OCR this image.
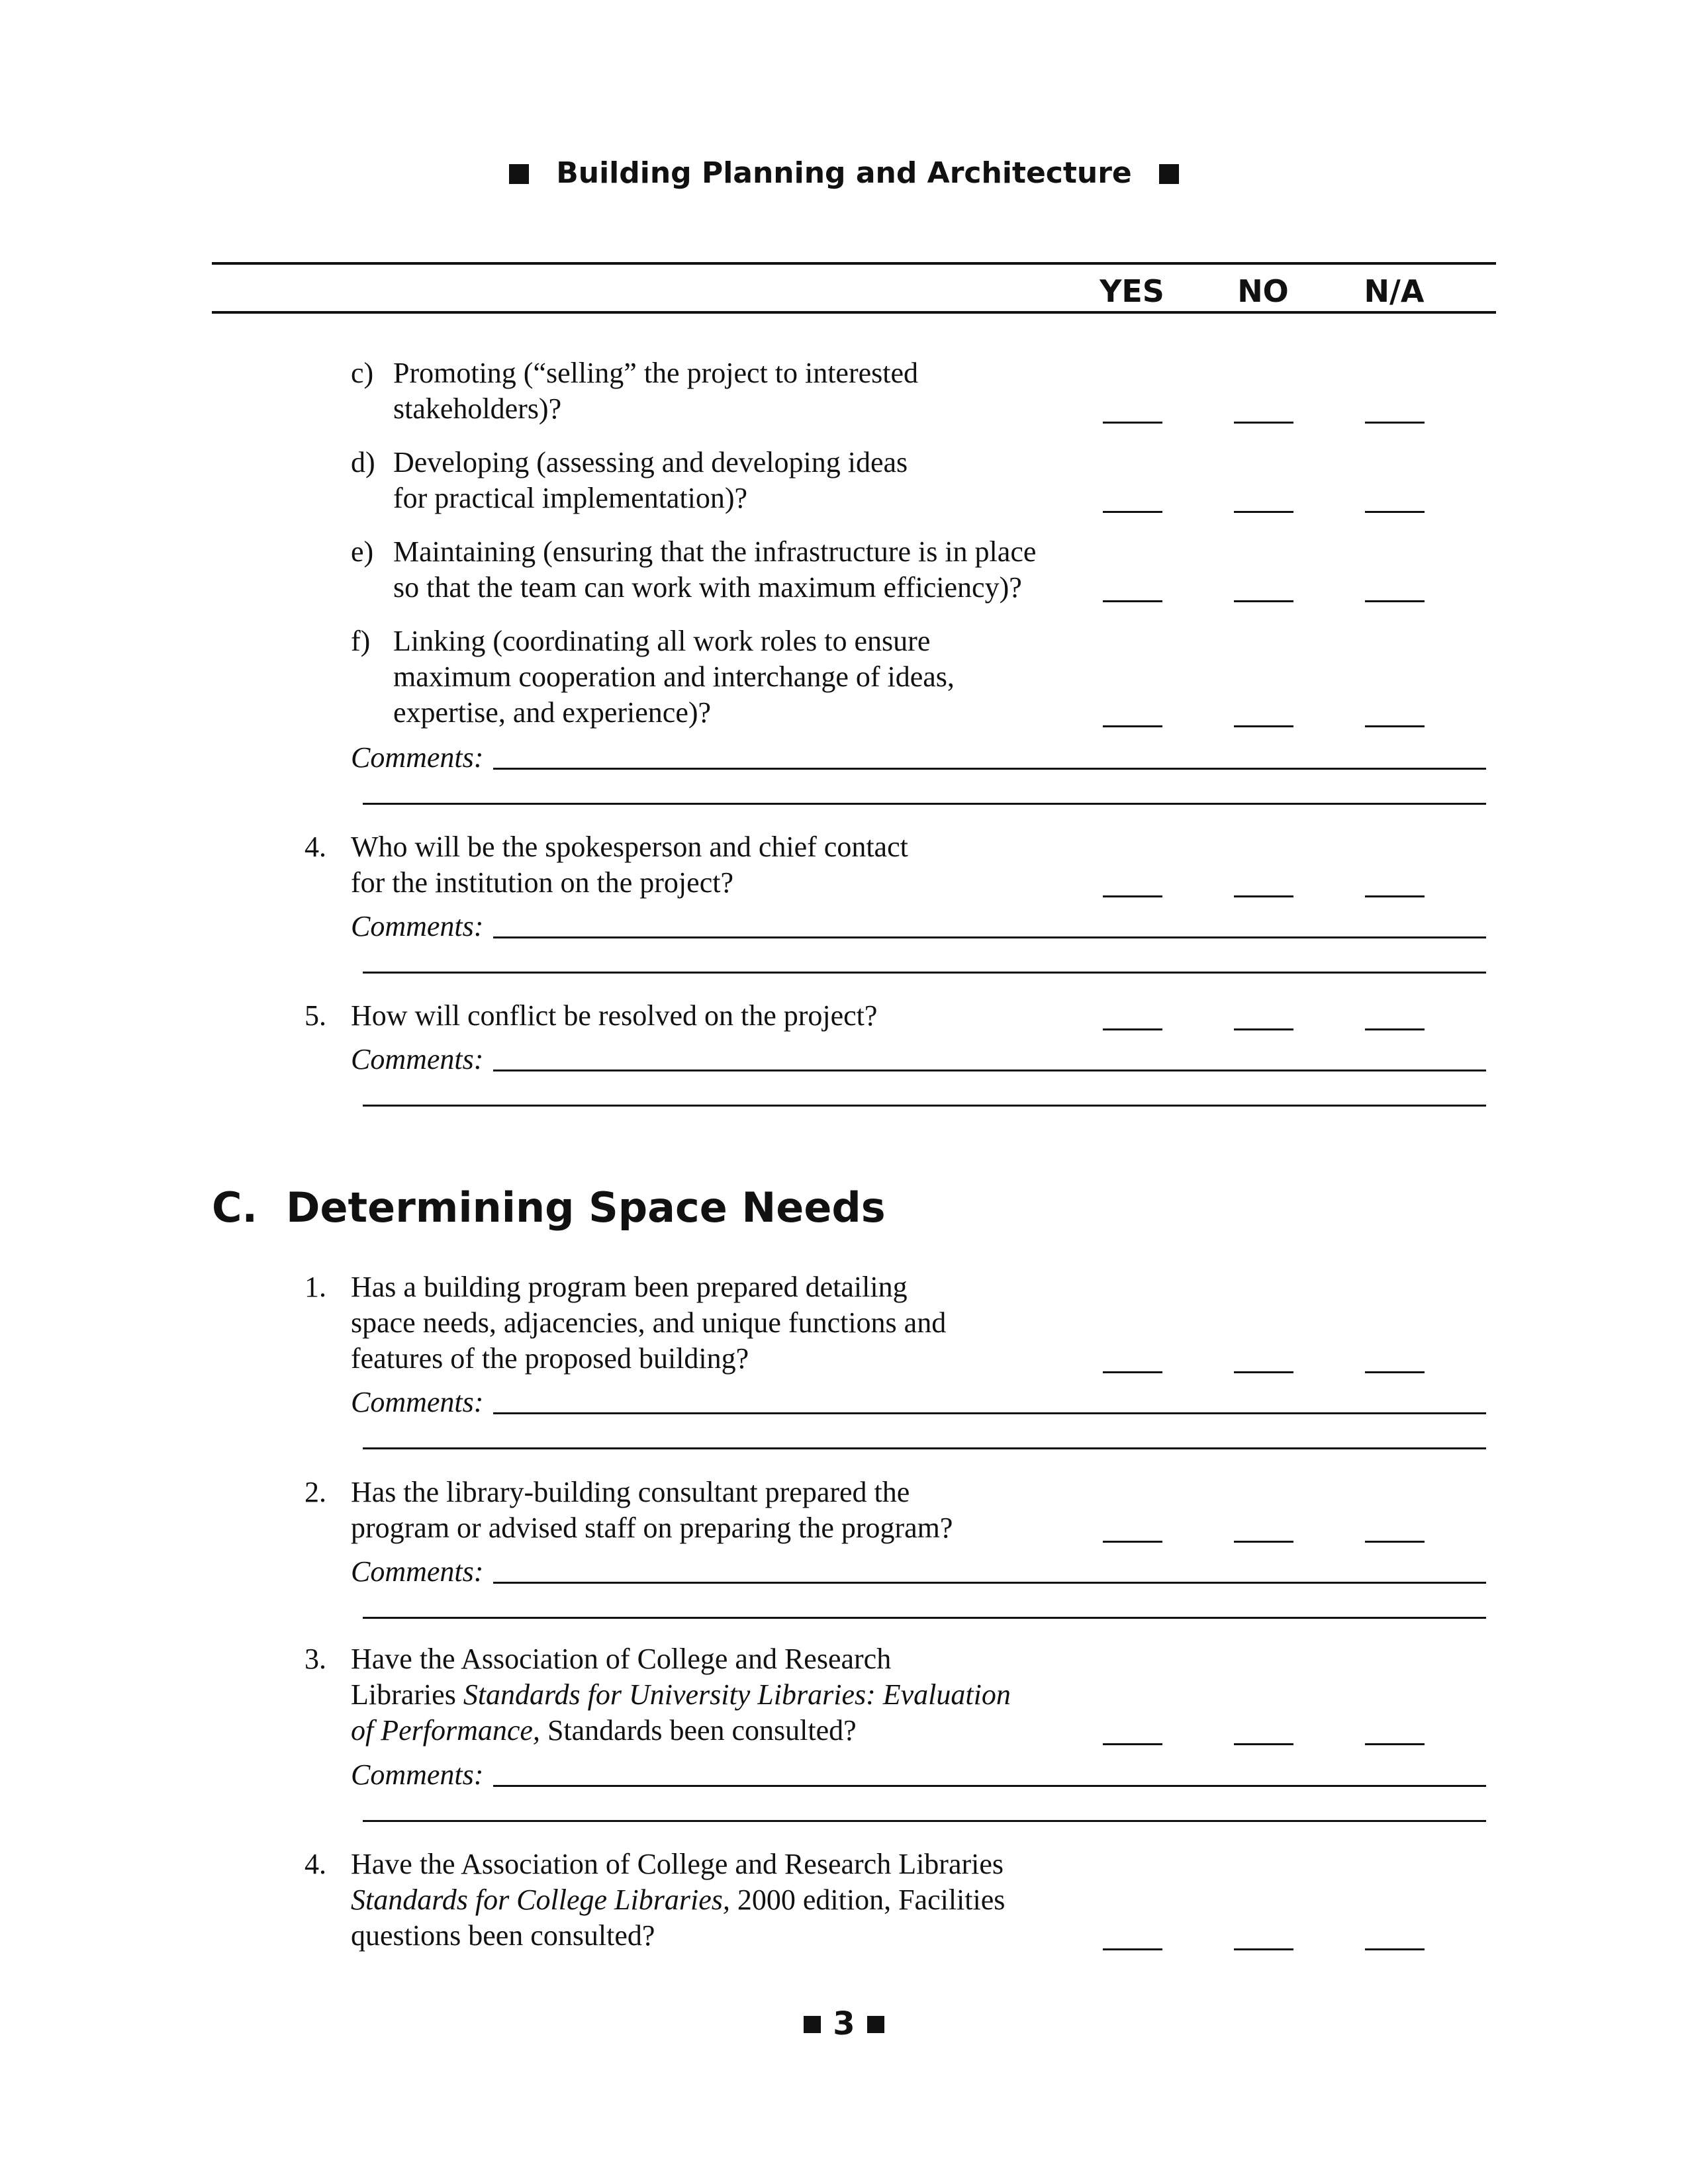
Building Planning and Architecture
YES	NO	N/A
c) Promoting (“selling” the project to interested
stakeholders)?
d) Developing (assessing and developing ideas
for practical implementation)?
e) Maintaining (ensuring that the infrastructure is in place
so that the team can work with maximum efficiency)?
f) Linking (coordinating all work roles to ensure
maximum cooperation and interchange of ideas,
expertise, and experience)?
Comments:
4. Who will be the spokesperson and chief contact
for the institution on the project?
Comments:
5. How will conflict be resolved on the project?
Comments:
C. Determining Space Needs
1. Has a building program been prepared detailing
space needs, adjacencies, and unique functions and
features of the proposed building?
Comments:
2. Has the library-building consultant prepared the
program or advised staff on preparing the program?
Comments:
3. Have the Association of College and Research
Libraries Standards for University Libraries: Evaluation
of Performance, Standards been consulted?
Comments:
4. Have the Association of College and Research Libraries
Standards for College Libraries, 2000 edition, Facilities
questions been consulted?
3
